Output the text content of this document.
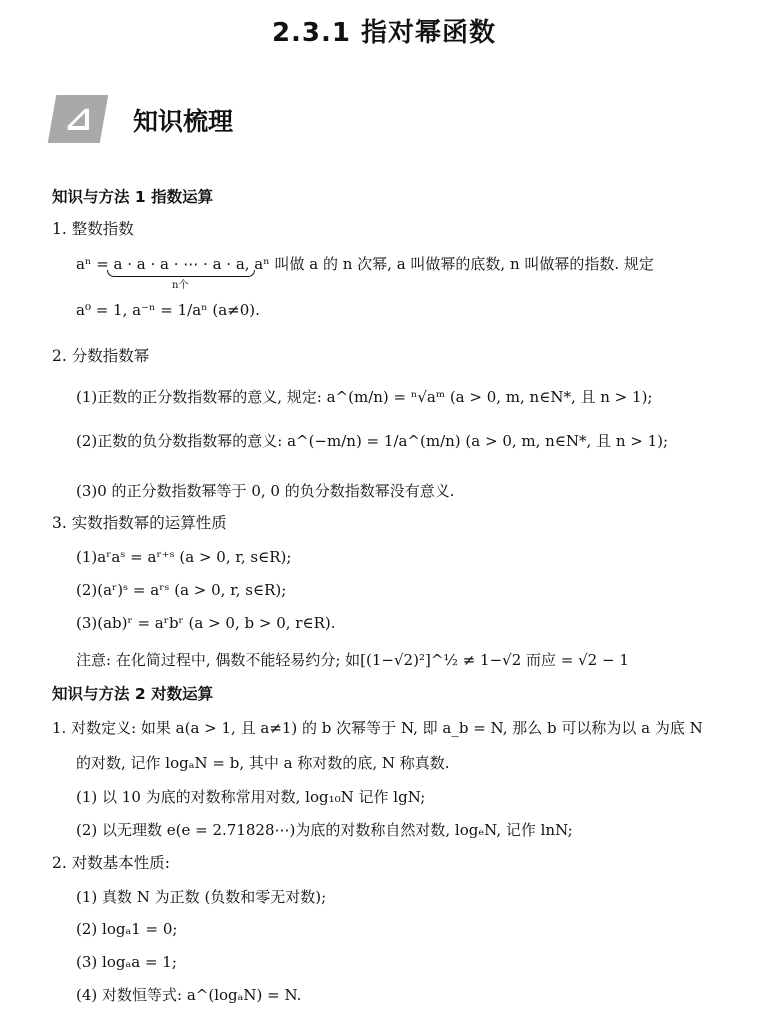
2.3.1 指对幂函数
⊿ 知识梳理
知识与方法 1 指数运算
1. 整数指数
aⁿ = a · a · a · ⋯ · a · a, aⁿ 叫做 a 的 n 次幂, a 叫做幂的底数, n 叫做幂的指数. 规定
n个
a⁰ = 1, a⁻ⁿ = 1/aⁿ (a≠0).
2. 分数指数幂
(1)正数的正分数指数幂的意义, 规定: a^(m/n) = ⁿ√aᵐ (a > 0, m, n∈N*, 且 n > 1);
(2)正数的负分数指数幂的意义: a^(−m/n) = 1/a^(m/n) (a > 0, m, n∈N*, 且 n > 1);
(3)0 的正分数指数幂等于 0, 0 的负分数指数幂没有意义.
3. 实数指数幂的运算性质
(1)aʳaˢ = aʳ⁺ˢ (a > 0, r, s∈R);
(2)(aʳ)ˢ = aʳˢ (a > 0, r, s∈R);
(3)(ab)ʳ = aʳbʳ (a > 0, b > 0, r∈R).
注意: 在化简过程中, 偶数不能轻易约分; 如[(1−√2)²]^½ ≠ 1−√2 而应 = √2 − 1
知识与方法 2 对数运算
1. 对数定义: 如果 a(a > 1, 且 a≠1) 的 b 次幂等于 N, 即 a_b = N, 那么 b 可以称为以 a 为底 N
的对数, 记作 logₐN = b, 其中 a 称对数的底, N 称真数.
(1) 以 10 为底的对数称常用对数, log₁₀N 记作 lgN;
(2) 以无理数 e(e = 2.71828⋯)为底的对数称自然对数, logₑN, 记作 lnN;
2. 对数基本性质:
(1) 真数 N 为正数 (负数和零无对数);
(2) logₐ1 = 0;
(3) logₐa = 1;
(4) 对数恒等式: a^(logₐN) = N.
